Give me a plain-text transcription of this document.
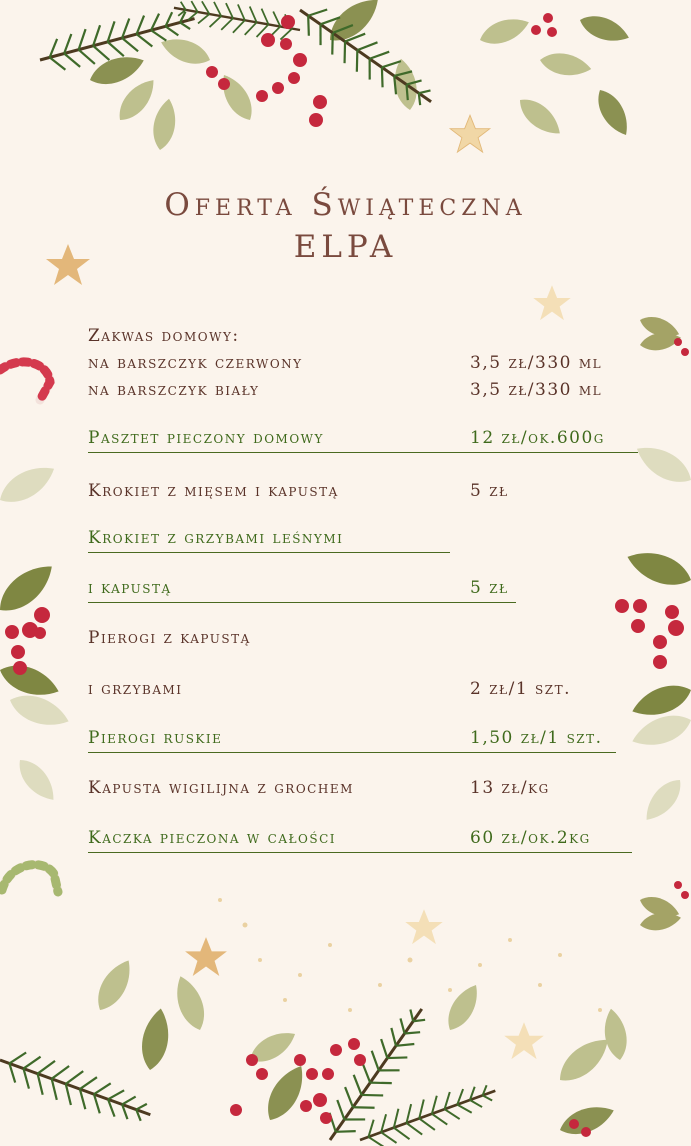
Oferta Świąteczna
ELPA
Zakwas domowy:
na barszczyk czerwony	3,5 zł/330 ml
na barszczyk biały	3,5 zł/330 ml
Pasztet pieczony domowy	12 zł/ok.600g
Krokiet z mięsem i kapustą	5 zł
Krokiet z grzybami leśnymi
i kapustą	5 zł
Pierogi z kapustą
i grzybami	2 zł/1 szt.
Pierogi ruskie	1,50 zł/1 szt.
Kapusta wigilijna z grochem	13 zł/kg
Kaczka pieczona w całości	60 zł/ok.2kg
